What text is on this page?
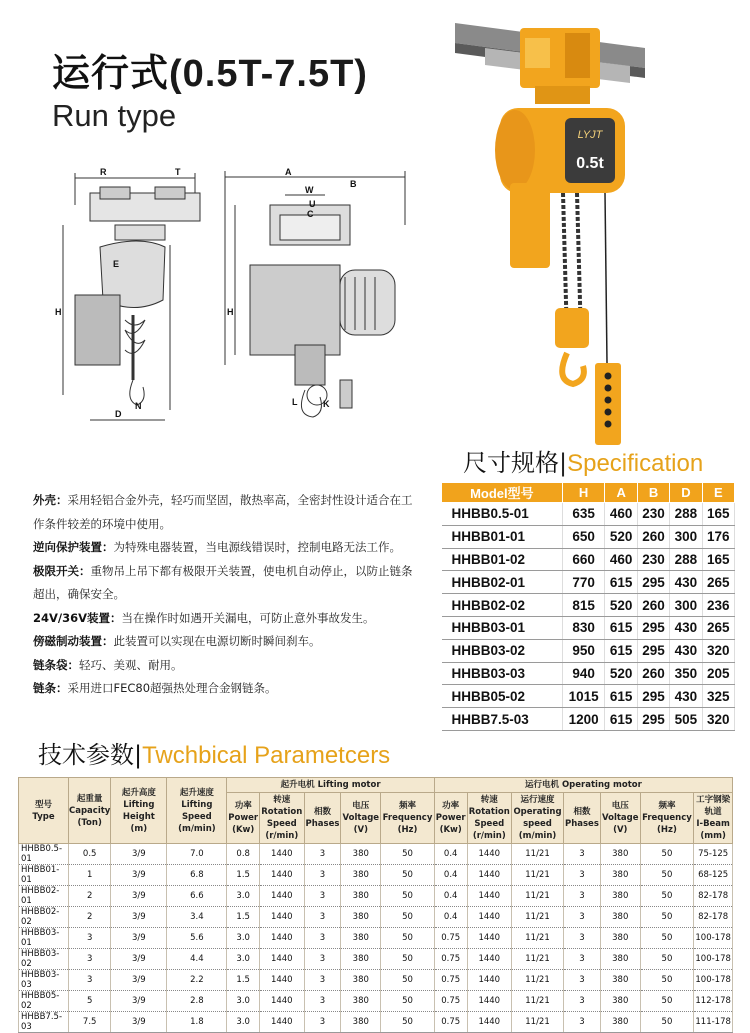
运行式(0.5T-7.5T)
Run type
R	T
E
H
D
N
A
B
W
U
C
H
L	K
LYJT
0.5t
尺寸规格|Specification
Model型号	H	A	B	D	E
HHBB0.5-01	635	460	230	288	165
HHBB01-01	650	520	260	300	176
HHBB01-02	660	460	230	288	165
HHBB02-01	770	615	295	430	265
HHBB02-02	815	520	260	300	236
HHBB03-01	830	615	295	430	265
HHBB03-02	950	615	295	430	320
HHBB03-03	940	520	260	350	205
HHBB05-02	1015	615	295	430	325
HHBB7.5-03	1200	615	295	505	320
外壳：采用轻铝合金外壳，轻巧而坚固，散热率高，全密封性设计适合在工作条件较差的环境中使用。
逆向保护装置：为特殊电器装置，当电源线错误时，控制电路无法工作。
极限开关：重物吊上吊下都有极限开关装置，使电机自动停止，以防止链条超出，确保安全。
24V/36V装置：当在操作时如遇开关漏电，可防止意外事故发生。
傍磁制动装置：此装置可以实现在电源切断时瞬间刹车。
链条袋：轻巧、美观、耐用。
链条：采用进口FEC80超强热处理合金钢链条。
技术参数|Twchbical Parametcers
型号
Type	起重量
Capacity
(Ton)	起升高度
Lifting
Height
(m)	起升速度
Lifting Speed
(m/min)	起升电机 Lifting motor					运行电机 Operating motor						
				功率
Power
(Kw)	转速
Rotation
Speed
(r/min)	相数
Phases	电压
Voltage
(V)	频率
Frequency
(Hz)	功率
Power
(Kw)	转速
Rotation
Speed
(r/min)	运行速度
Operating
speed
(m/min)	相数
Phases	电压
Voltage
(V)	频率
Frequency
(Hz)	工字钢梁
轨道
I-Beam
(mm)
HHBB0.5-01	0.5	3/9	7.0	0.8	1440	3	380	50	0.4	1440	11/21	3	380	50	75-125
HHBB01-01	1	3/9	6.8	1.5	1440	3	380	50	0.4	1440	11/21	3	380	50	68-125
HHBB02-01	2	3/9	6.6	3.0	1440	3	380	50	0.4	1440	11/21	3	380	50	82-178
HHBB02-02	2	3/9	3.4	1.5	1440	3	380	50	0.4	1440	11/21	3	380	50	82-178
HHBB03-01	3	3/9	5.6	3.0	1440	3	380	50	0.75	1440	11/21	3	380	50	100-178
HHBB03-02	3	3/9	4.4	3.0	1440	3	380	50	0.75	1440	11/21	3	380	50	100-178
HHBB03-03	3	3/9	2.2	1.5	1440	3	380	50	0.75	1440	11/21	3	380	50	100-178
HHBB05-02	5	3/9	2.8	3.0	1440	3	380	50	0.75	1440	11/21	3	380	50	112-178
HHBB7.5-03	7.5	3/9	1.8	3.0	1440	3	380	50	0.75	1440	11/21	3	380	50	111-178
